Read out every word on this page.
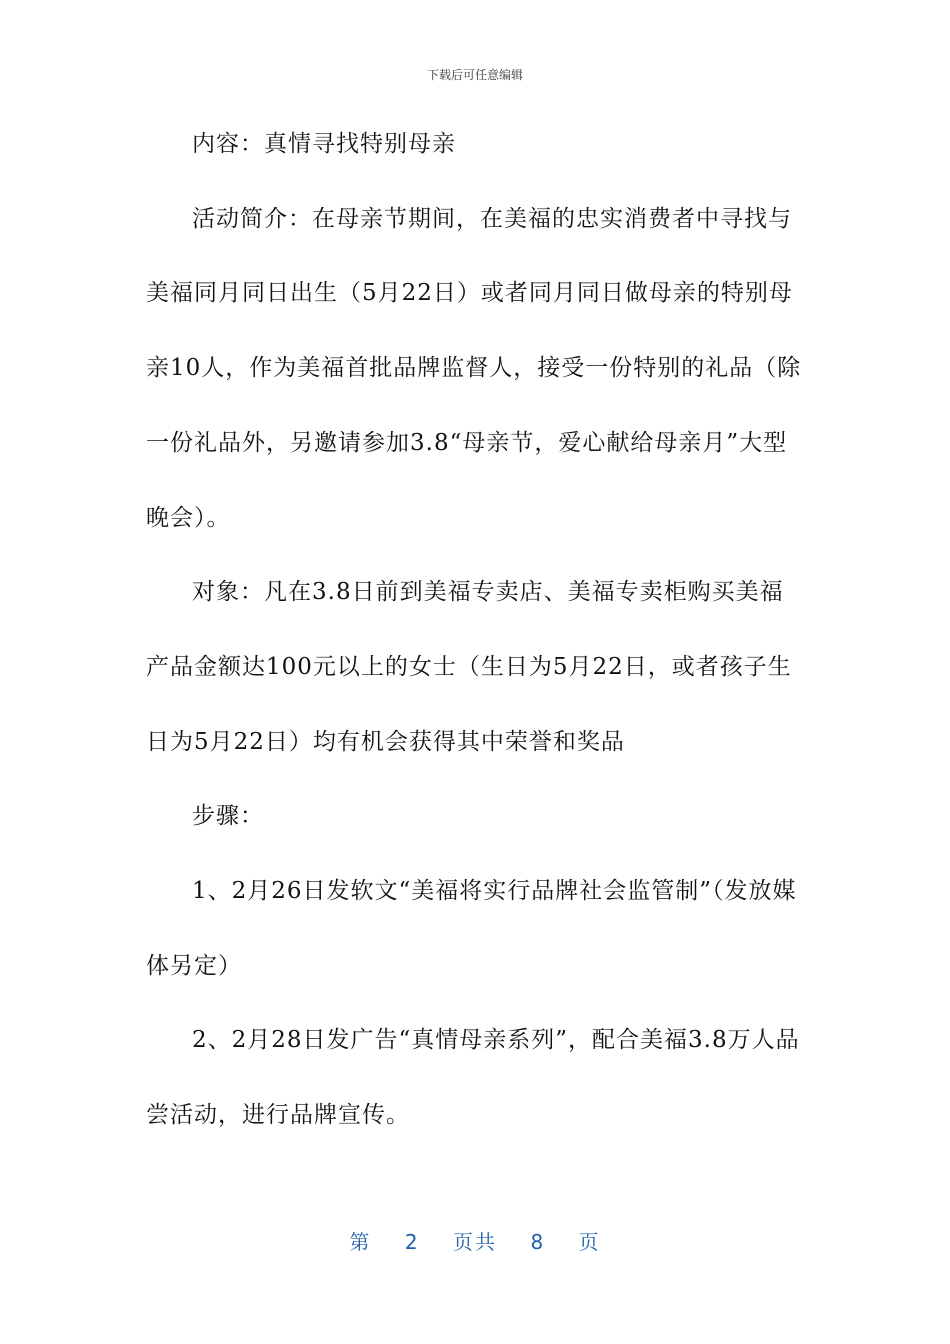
下载后可任意编辑

内容：真情寻找特别母亲

活动简介：在母亲节期间，在美福的忠实消费者中寻找与美福同月同日出生（5月22日）或者同月同日做母亲的特别母亲10人，作为美福首批品牌监督人，接受一份特别的礼品（除一份礼品外，另邀请参加3.8“母亲节，爱心献给母亲月”大型晚会）。

对象：凡在3.8日前到美福专卖店、美福专卖柜购买美福产品金额达100元以上的女士（生日为5月22日，或者孩子生日为5月22日）均有机会获得其中荣誉和奖品

步骤：

1、2月26日发软文“美福将实行品牌社会监管制”（发放媒体另定）

2、2月28日发广告“真情母亲系列”，配合美福3.8万人品尝活动，进行品牌宣传。

第 2 页共 8 页
